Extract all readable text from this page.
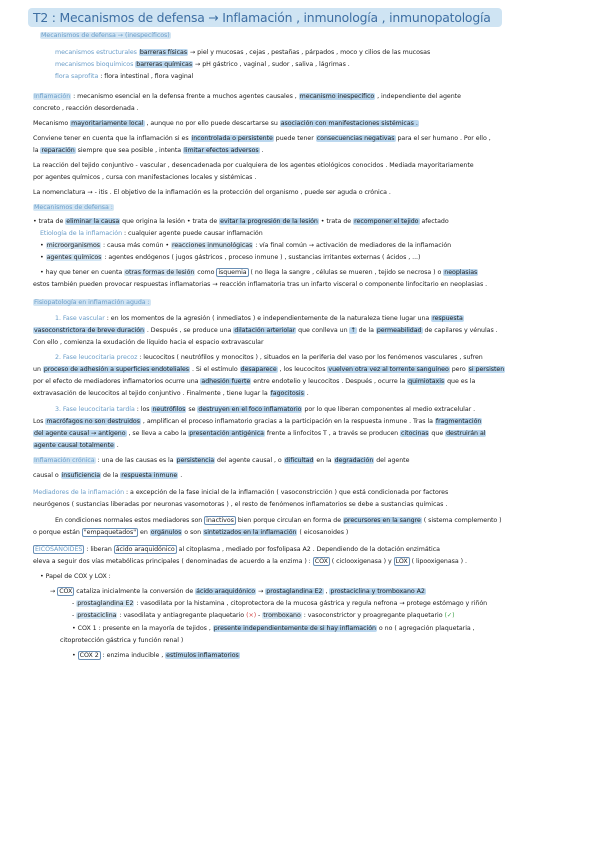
T2 : Mecanismos de defensa → Inflamación , inmunología , inmunopatología
Mecanismos de defensa → (inespecíficos)
mecanismos estructurales barreras físicas → piel y mucosas , cejas , pestañas , párpados , moco y cilios de las mucosas
mecanismos bioquímicos barreras químicas → pH gástrico , vaginal , sudor , saliva , lágrimas .
flora saprofita : flora intestinal , flora vaginal
Inflamación : mecanismo esencial en la defensa frente a muchos agentes causales , mecanismo inespecífico , independiente del agente
concreto , reacción desordenada .
Mecanismo mayoritariamente local , aunque no por ello puede descartarse su asociación con manifestaciones sistémicas .
Conviene tener en cuenta que la inflamación si es incontrolada o persistente puede tener consecuencias negativas para el ser humano . Por ello ,
la reparación siempre que sea posible , intenta limitar efectos adversos .
La reacción del tejido conjuntivo - vascular , desencadenada por cualquiera de los agentes etiológicos conocidos . Mediada mayoritariamente
por agentes químicos , cursa con manifestaciones locales y sistémicas .
La nomenclatura → - itis . El objetivo de la inflamación es la protección del organismo , puede ser aguda o crónica .
Mecanismos de defensa :
• trata de eliminar la causa que origina la lesión • trata de evitar la progresión de la lesión • trata de recomponer el tejido afectado
Etiología de la inflamación : cualquier agente puede causar inflamación
• microorganismos : causa más común • reacciones inmunológicas : vía final común → activación de mediadores de la inflamación
• agentes químicos : agentes endógenos ( jugos gástricos , proceso inmune ) , sustancias irritantes externas ( ácidos , ...)
• hay que tener en cuenta otras formas de lesión como isquemia ( no llega la sangre , células se mueren , tejido se necrosa ) o neoplasias
estos también pueden provocar respuestas inflamatorias → reacción inflamatoria tras un infarto visceral o componente linfocitario en neoplasias .
Fisiopatología en inflamación aguda :
1. Fase vascular : en los momentos de la agresión ( inmediatos ) e independientemente de la naturaleza tiene lugar una respuesta
vasoconstrictora de breve duración . Después , se produce una dilatación arteriolar que conlleva un ↑ de la permeabilidad de capilares y vénulas .
Con ello , comienza la exudación de líquido hacia el espacio extravascular
2. Fase leucocitaria precoz : leucocitos ( neutrófilos y monocitos ) , situados en la periferia del vaso por los fenómenos vasculares , sufren
un proceso de adhesión a superficies endoteliales . Si el estímulo desaparece , los leucocitos vuelven otra vez al torrente sanguíneo pero si persisten
por el efecto de mediadores inflamatorios ocurre una adhesión fuerte entre endotelio y leucocitos . Después , ocurre la quimiotaxis que es la
extravasación de leucocitos al tejido conjuntivo . Finalmente , tiene lugar la fagocitosis .
3. Fase leucocitaria tardía : los neutrófilos se destruyen en el foco inflamatorio por lo que liberan componentes al medio extracelular .
Los macrófagos no son destruidos , amplifican el proceso inflamatorio gracias a la participación en la respuesta inmune . Tras la fragmentación
del agente causal → antígeno , se lleva a cabo la presentación antigénica frente a linfocitos T , a través se producen citocinas que destruirán al
agente causal totalmente .
Inflamación crónica : una de las causas es la persistencia del agente causal , o dificultad en la degradación del agente
causal o insuficiencia de la respuesta inmune .
Mediadores de la inflamación : a excepción de la fase inicial de la inflamación ( vasoconstricción ) que está condicionada por factores
neurógenos ( sustancias liberadas por neuronas vasomotoras ) , el resto de fenómenos inflamatorios se debe a sustancias químicas .
En condiciones normales estos mediadores son inactivos bien porque circulan en forma de precursores en la sangre ( sistema complemento )
o porque están "empaquetados" en orgánulos o son sintetizados en la inflamación ( eicosanoides )
EICOSANOIDES : liberan ácido araquidónico al citoplasma , mediado por fosfolipasa A2 . Dependiendo de la dotación enzimática
eleva a seguir dos vías metabólicas principales ( denominadas de acuerdo a la enzima ) : COX ( ciclooxigenasa ) y LOX ( lipooxigenasa ) .
• Papel de COX y LOX :
→ COX cataliza inicialmente la conversión de ácido araquidónico → prostaglandina E2 , prostaciclina y tromboxano A2
- prostaglandina E2 : vasodilata por la histamina , citoprotectora de la mucosa gástrica y regula nefrona → protege estómago y riñón
- prostaciclina : vasodilata y antiagregante plaquetario (×) - tromboxano : vasoconstrictor y proagregante plaquetario (✓)
• COX 1 : presente en la mayoría de tejidos , presente independientemente de si hay inflamación o no ( agregación plaquetaria ,
citoprotección gástrica y función renal )
• COX 2 : enzima inducible , estímulos inflamatorios
